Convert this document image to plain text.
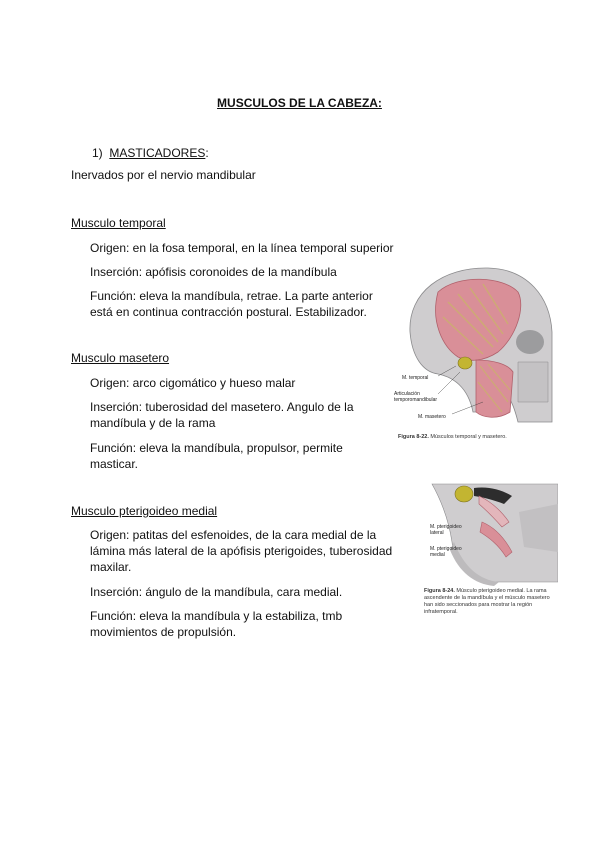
MUSCULOS DE LA CABEZA:
1) MASTICADORES:
Inervados por el nervio mandibular
Musculo temporal
Origen: en la fosa temporal, en la línea temporal superior
Inserción: apófisis coronoides de la mandíbula
Función: eleva la mandíbula, retrae. La parte anterior está en continua contracción postural. Estabilizador.
Musculo masetero
Origen: arco cigomático y hueso malar
Inserción: tuberosidad del masetero. Angulo de la mandíbula y de la rama
Función: eleva la mandíbula, propulsor, permite masticar.
Musculo pterigoideo medial
Origen: patitas del esfenoides, de la cara medial de la lámina más lateral de la apófisis pterigoides, tuberosidad maxilar.
Inserción: ángulo de la mandíbula, cara medial.
Función: eleva la mandíbula y la estabiliza, tmb movimientos de propulsión.
M. temporal
Articulación temporomandibular
M. masetero
Figura 8-22. Músculos temporal y masetero.
M. pterigoideo lateral
M. pterigoideo medial
Figura 8-24. Músculo pterigoideo medial. La rama ascendente de la mandíbula y el músculo masetero han sido seccionados para mostrar la región infratemporal.
